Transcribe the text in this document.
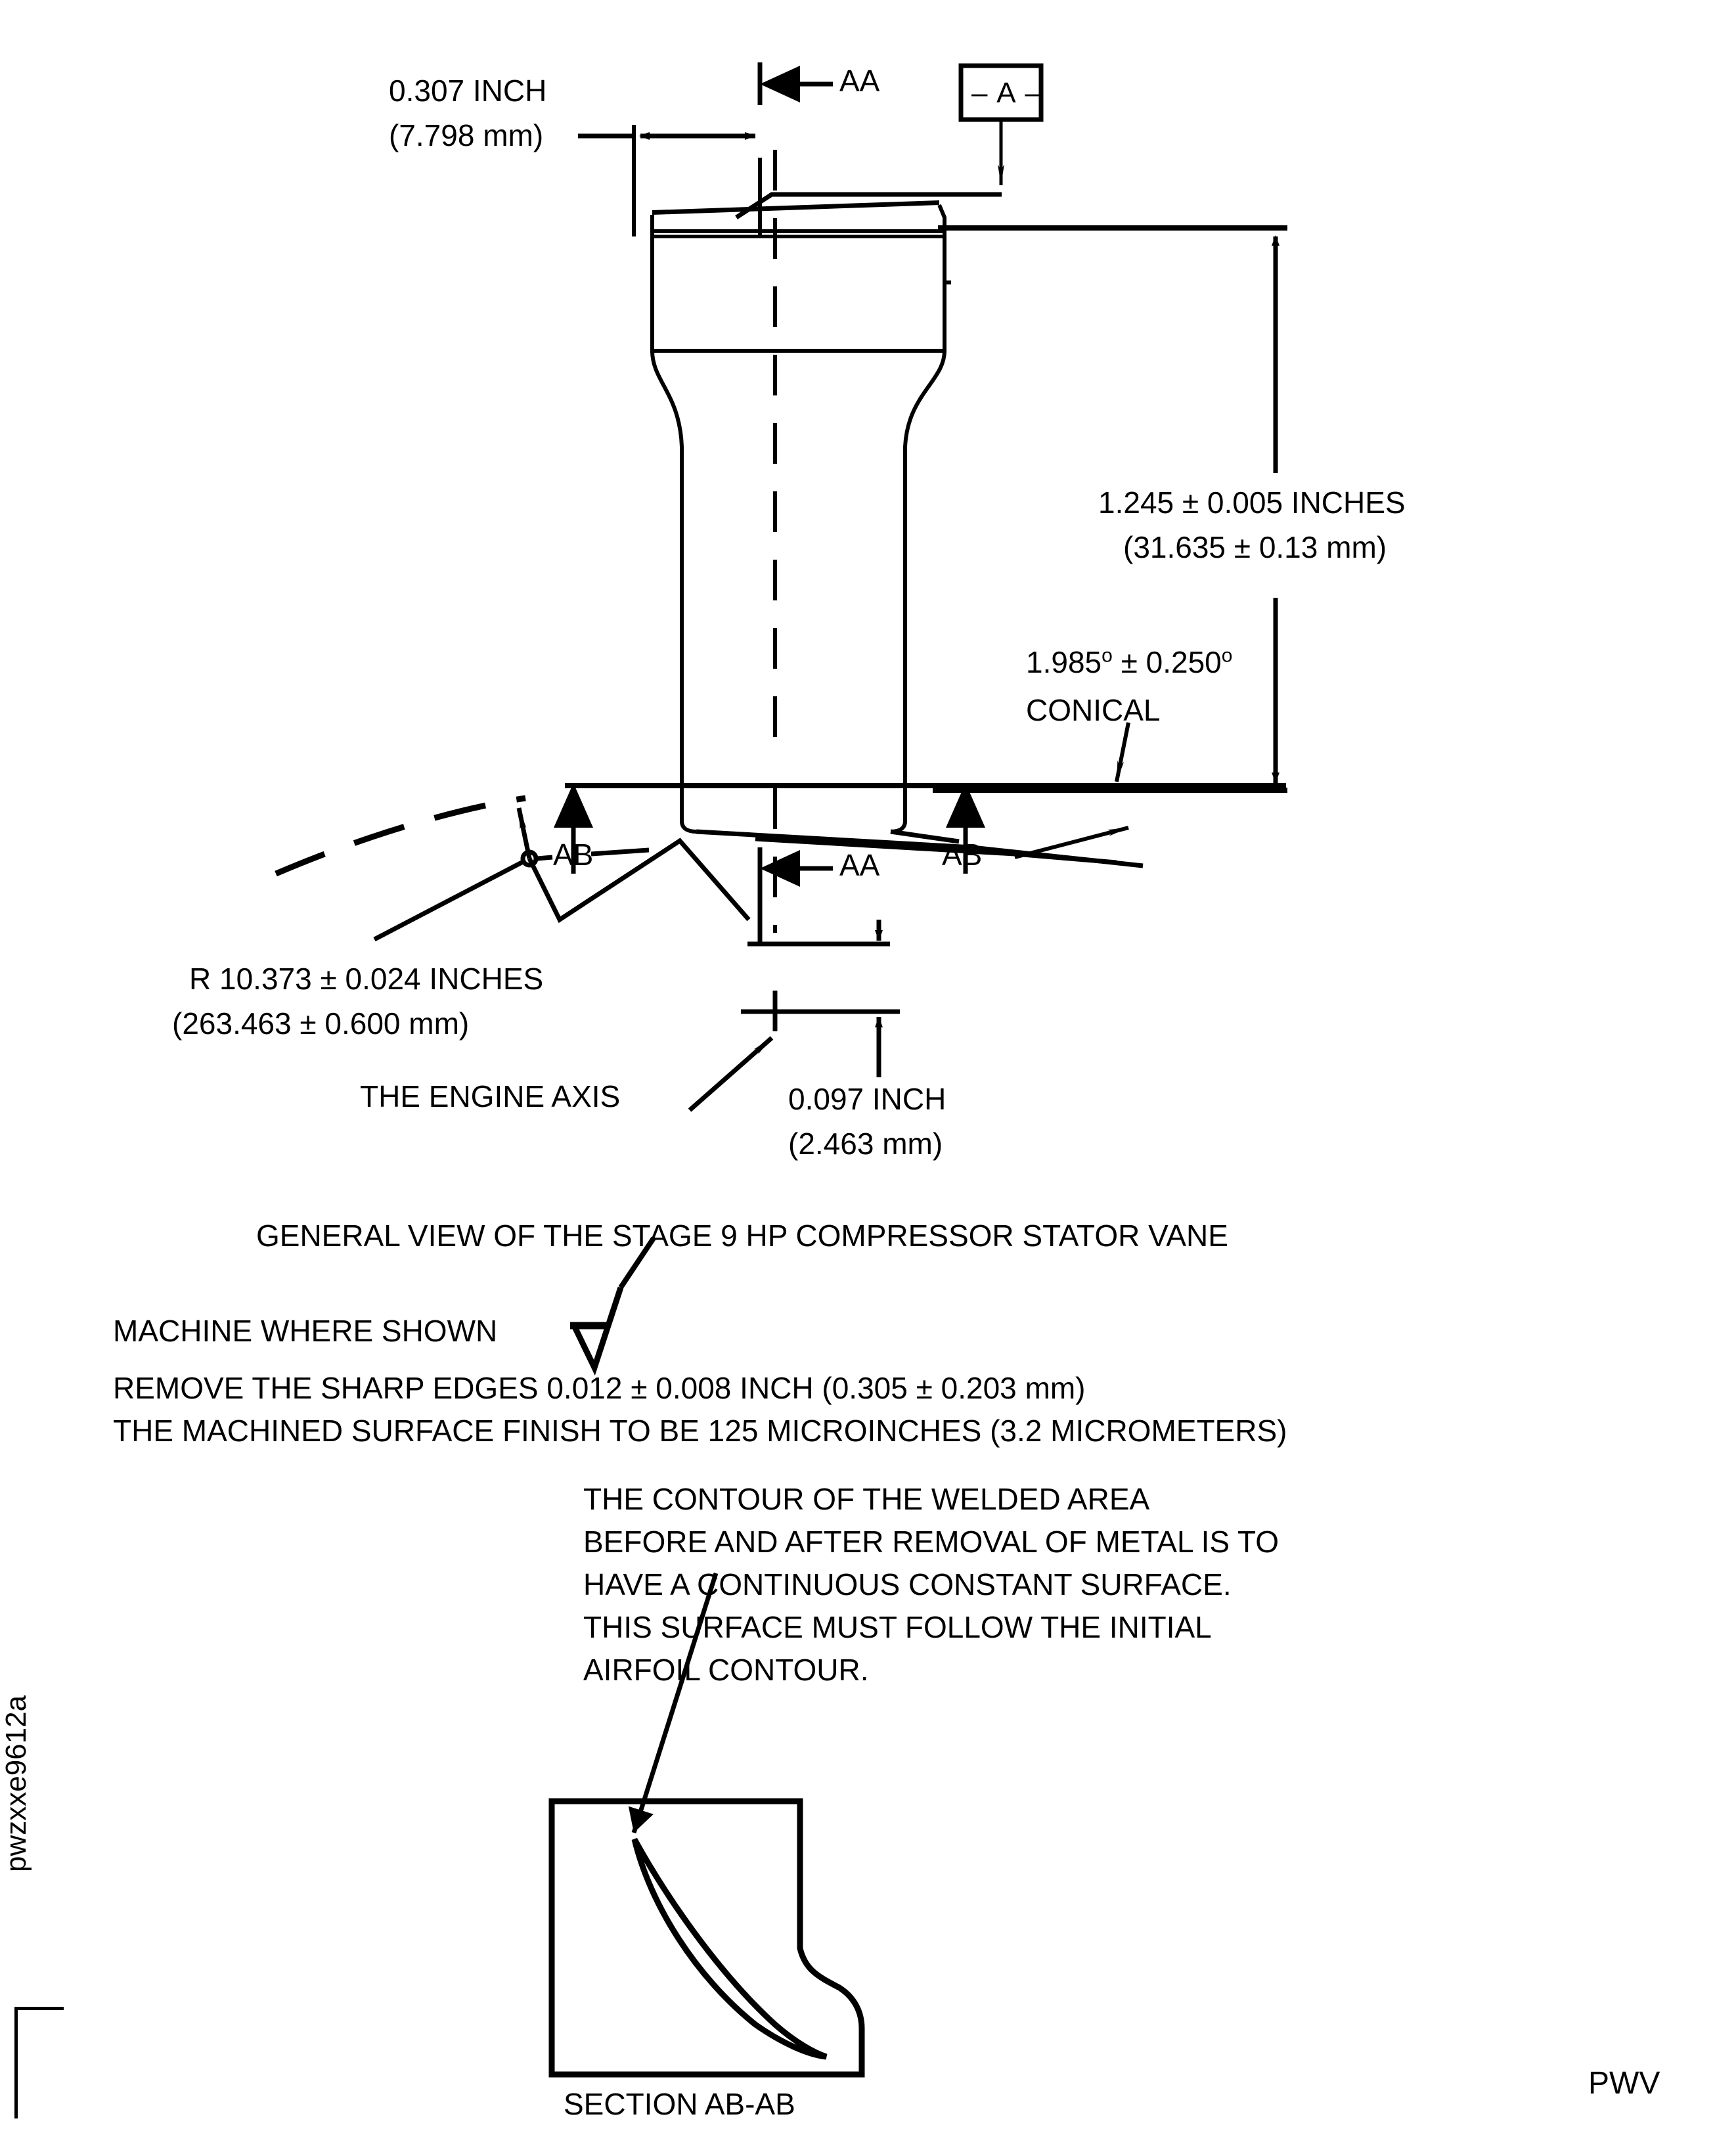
0.307 INCH
(7.798 mm)
AA	– A –
1.245 ± 0.005 INCHES
(31.635 ± 0.13 mm)
$1.985^o \pm 0.250^o$
CONICAL
AB	AB
AA
R 10.373 ± 0.024 INCHES
(263.463 ± 0.600 mm)
THE ENGINE AXIS	0.097 INCH
(2.463 mm)
GENERAL VIEW OF THE STAGE 9 HP COMPRESSOR STATOR VANE
MACHINE WHERE SHOWN
REMOVE THE SHARP EDGES 0.012 ± 0.008 INCH (0.305 ± 0.203 mm)
THE MACHINED SURFACE FINISH TO BE 125 MICROINCHES (3.2 MICROMETERS)
THE CONTOUR OF THE WELDED AREA
BEFORE AND AFTER REMOVAL OF METAL IS TO
HAVE A CONTINUOUS CONSTANT SURFACE.
THIS SURFACE MUST FOLLOW THE INITIAL
AIRFOIL CONTOUR.
SECTION AB-AB
pwzxxe9612a
PWV
